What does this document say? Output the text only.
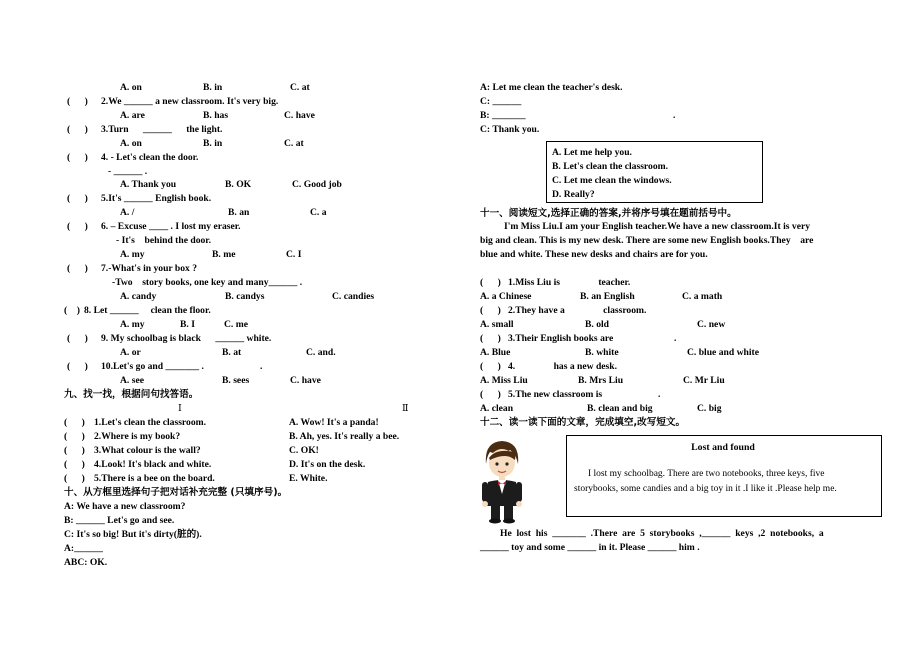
A. on	B. in	C. at
(      ) 2.We ______ a new classroom. It's very big.
A. are	B. has	C. have
(      ) 3.Turn      ______      the light.
A. on	B. in	C. at
(      ) 4. - Let's clean the door.
- ______ .
A. Thank you	B. OK	C. Good job
(      ) 5.It's ______ English book.
A. /	B. an	C. a
(      ) 6. – Excuse ____ . I lost my eraser.
- It's    behind the door.
A. my	B. me	C. I
(      ) 7.-What's in your box ?
-Two    story books, one key and many______ .
A. candy	B. candys	C. candies
(    ) 8. Let ______     clean the floor.
A. my	B. I	C. me
(      ) 9. My schoolbag is black      ______ white.
A. or	B. at	C. and.
(      ) 10.Let's go and _______ .	.
A. see	B. sees	C. have
九、找一找，根据问句找答语。
Ⅰ	Ⅱ
(      ) 1.Let's clean the classroom.	A. Wow! It's a panda!
(      ) 2.Where is my book?	B. Ah, yes. It's really a bee.
(      ) 3.What colour is the wall?	C. OK!
(      ) 4.Look! It's black and white.	D. It's on the desk.
(      ) 5.There is a bee on the board.	E. White.
十、从方框里选择句子把对话补充完整 (只填序号)。
A: We have a new classroom?
B: ______ Let's go and see.
C: It's so big! But it's dirty(脏的).
A:______
ABC: OK.
A: Let me clean the teacher's desk.
C: ______
B: _______	.
C: Thank you.
A. Let me help you.
B. Let's clean the classroom.
C. Let me clean the windows.
D. Really?
十一、阅读短文,选择正确的答案,并将序号填在题前括号中。
I'm Miss Liu.I am your English teacher.We have a new classroom.It is very
big and clean. This is my new desk. There are some new English books.They    are
blue and white. These new desks and chairs are for you.
(      ) 1.Miss Liu is                teacher.
A. a Chinese	B. an English	C. a math
(      ) 2.They have a                classroom.
A. small	B. old	C. new
(      ) 3.Their English books are	.
A. Blue	B. white	C. blue and white
(      ) 4.                has a new desk.
A. Miss Liu	B. Mrs Liu	C. Mr Liu
(      ) 5.The new classroom is	.
A. clean	B. clean and big	C. big
十二、读一读下面的文章，完成填空,改写短文。
Lost and found
I lost my schoolbag. There are two notebooks, three keys, five storybooks, some candies and a big toy in it .I like it .Please help me.
He  lost  his  _______  .There  are  5  storybooks  ,______  keys  ,2  notebooks,  a
______ toy and some ______ in it. Please ______ him .
